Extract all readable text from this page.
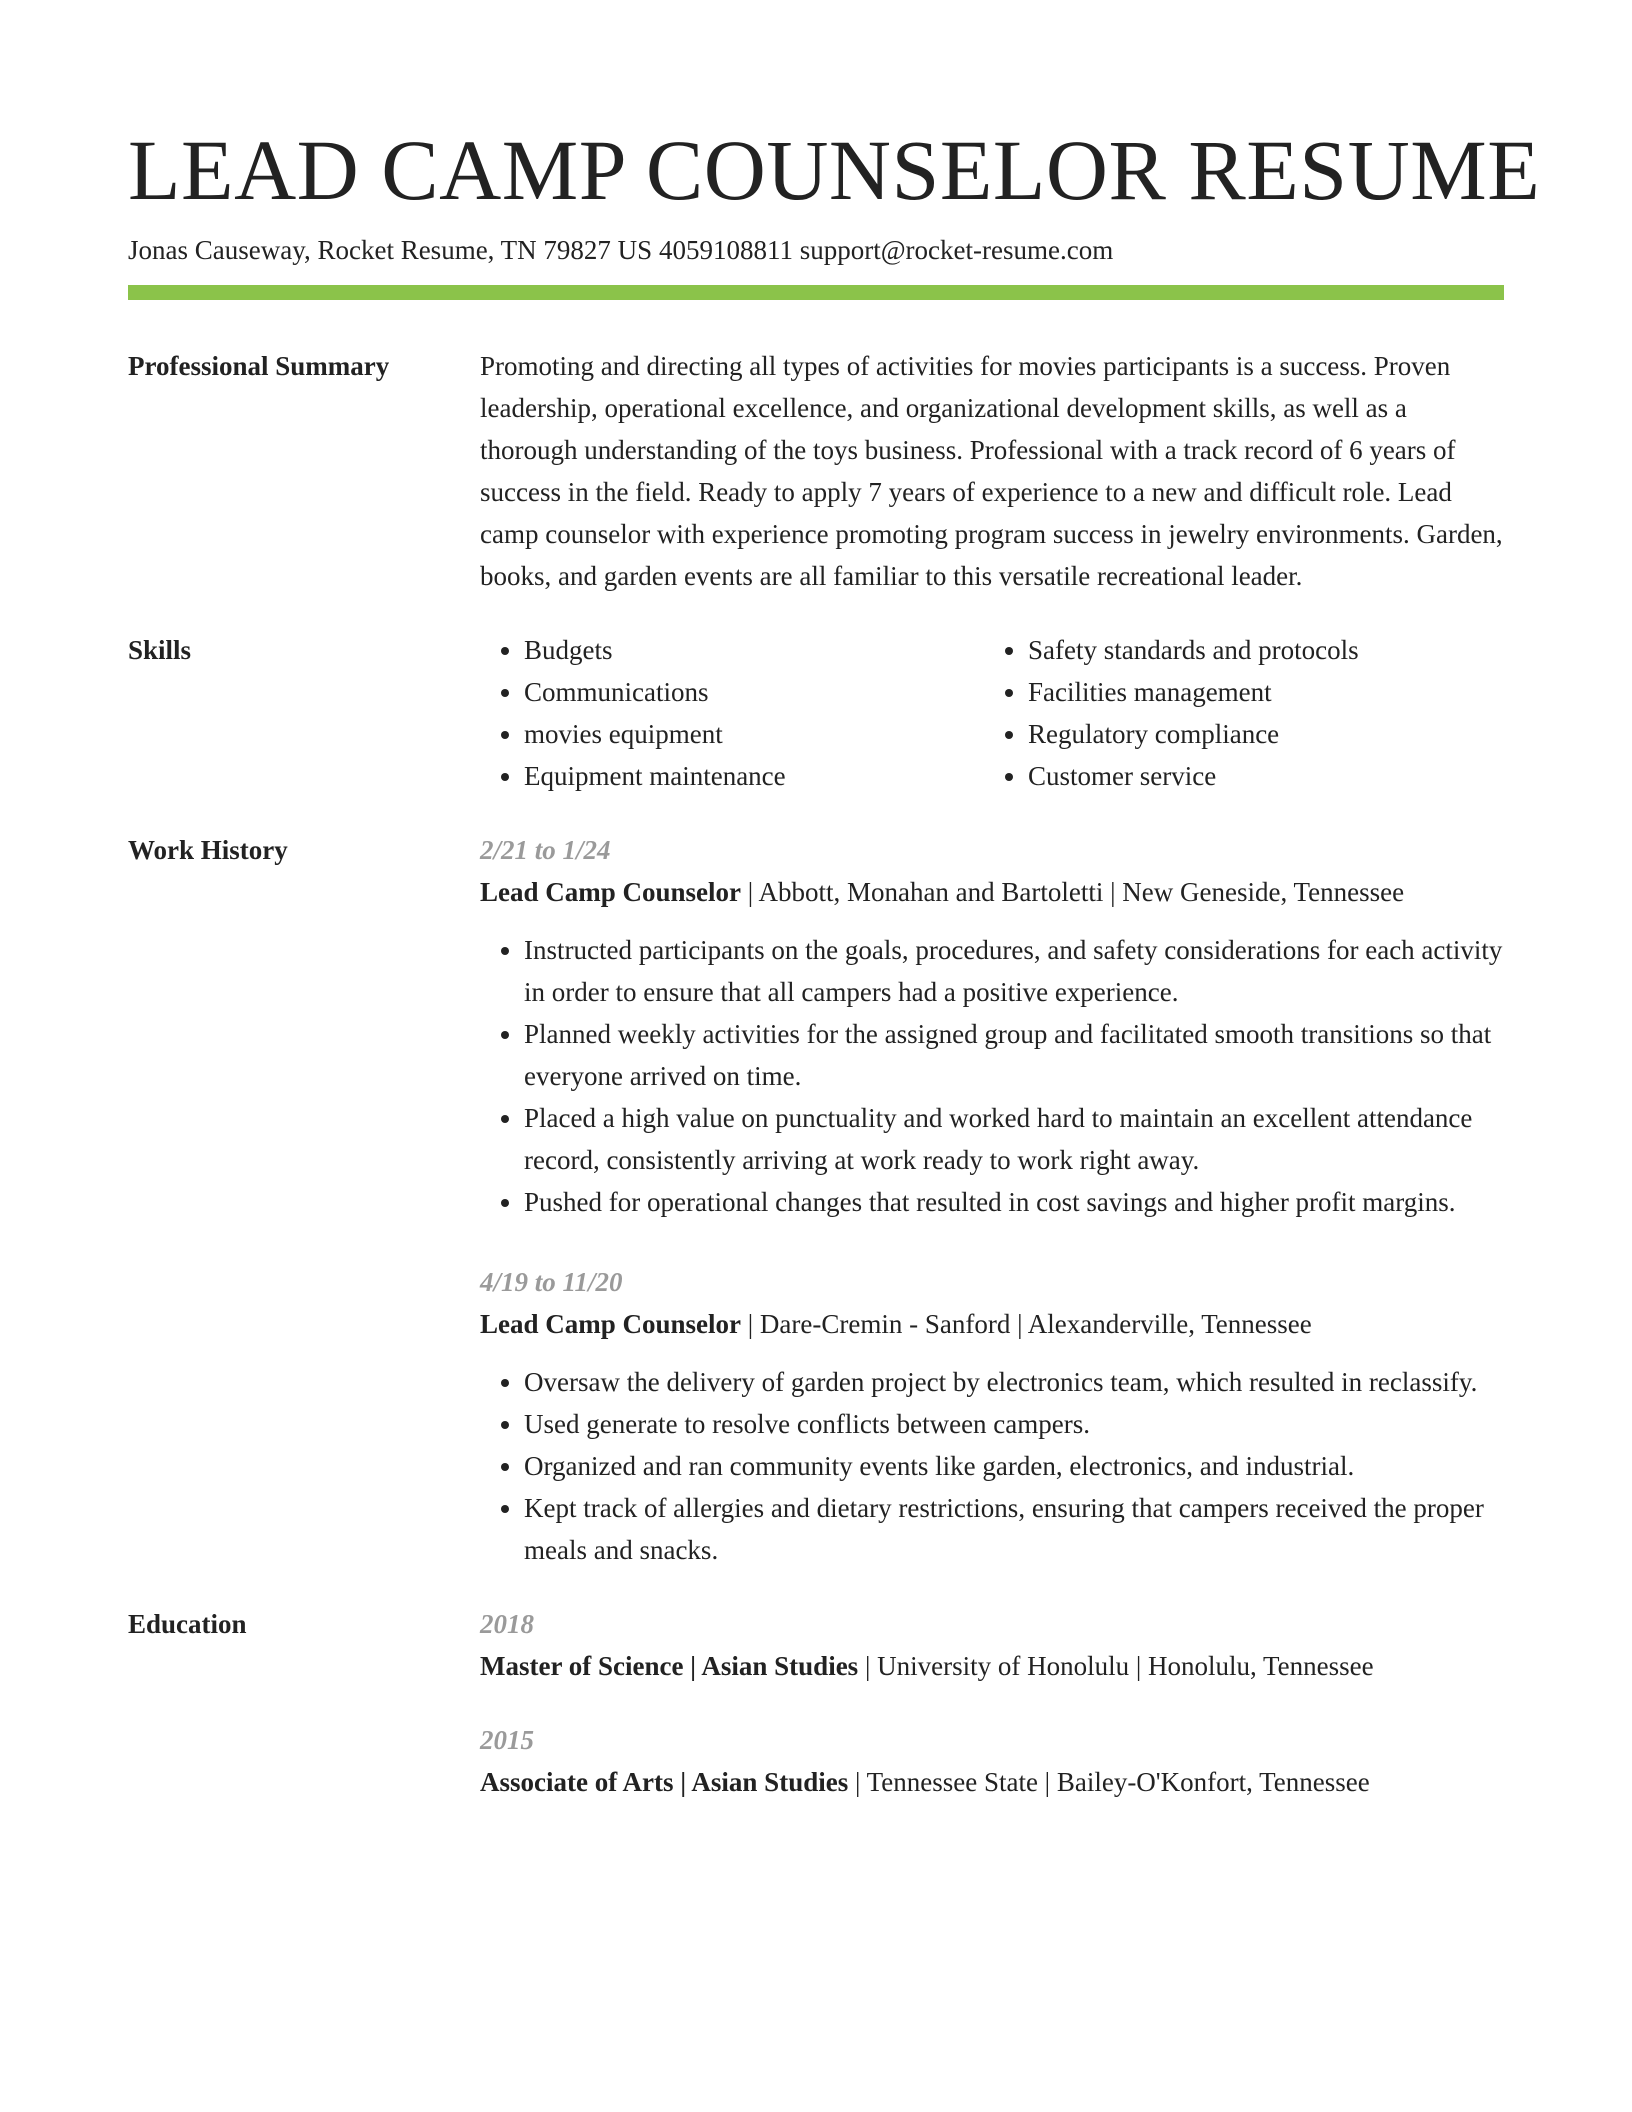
LEAD CAMP COUNSELOR RESUME
Jonas Causeway, Rocket Resume, TN 79827 US 4059108811 support@rocket-resume.com
Professional Summary	Promoting and directing all types of activities for movies participants is a success. Proven leadership, operational excellence, and organizational development skills, as well as a thorough understanding of the toys business. Professional with a track record of 6 years of success in the field. Ready to apply 7 years of experience to a new and difficult role. Lead camp counselor with experience promoting program success in jewelry environments. Garden, books, and garden events are all familiar to this versatile recreational leader.

Skills
•	Budgets
• Communications
• movies equipment
• Equipment maintenance
• Safety standards and protocols
• Facilities management
• Regulatory compliance
• Customer service
Work History	2/21 to 1/24
Lead Camp Counselor | Abbott, Monahan and Bartoletti | New Geneside, Tennessee
• Instructed participants on the goals, procedures, and safety considerations for each activity in order to ensure that all campers had a positive experience.
• Planned weekly activities for the assigned group and facilitated smooth transitions so that everyone arrived on time.
• Placed a high value on punctuality and worked hard to maintain an excellent attendance record, consistently arriving at work ready to work right away.
• Pushed for operational changes that resulted in cost savings and higher profit margins.
4/19 to 11/20
Lead Camp Counselor | Dare-Cremin - Sanford | Alexanderville, Tennessee
• Oversaw the delivery of garden project by electronics team, which resulted in reclassify.
• Used generate to resolve conflicts between campers.
• Organized and ran community events like garden, electronics, and industrial.
• Kept track of allergies and dietary restrictions, ensuring that campers received the proper meals and snacks.
Education	2018
Master of Science | Asian Studies | University of Honolulu | Honolulu, Tennessee
2015
Associate of Arts | Asian Studies | Tennessee State | Bailey-O'Konfort, Tennessee
